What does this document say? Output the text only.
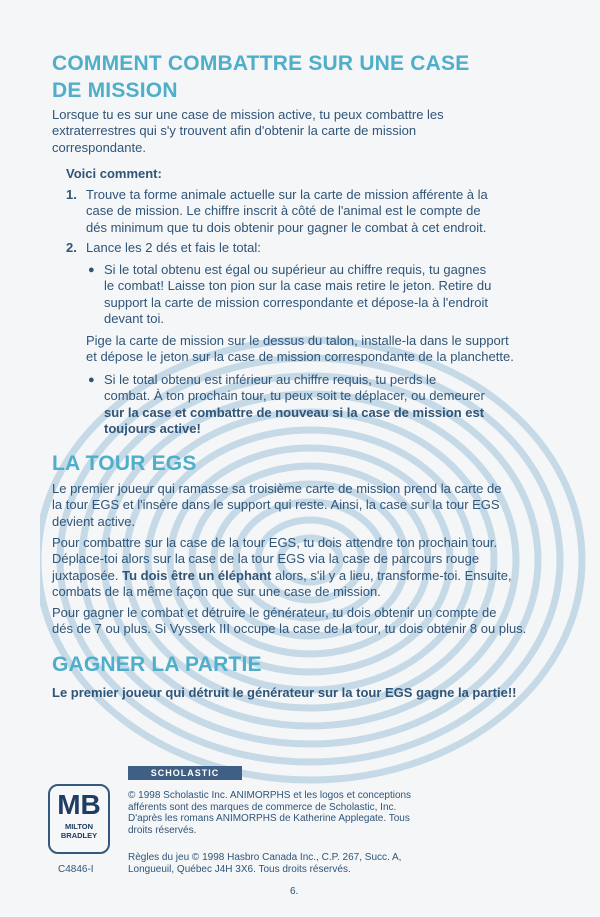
COMMENT COMBATTRE SUR UNE CASE
DE MISSION

Lorsque tu es sur une case de mission active, tu peux combattre les
extraterrestres qui s'y trouvent afin d'obtenir la carte de mission
correspondante.

Voici comment:

1. Trouve ta forme animale actuelle sur la carte de mission afférente à la
case de mission. Le chiffre inscrit à côté de l'animal est le compte de
dés minimum que tu dois obtenir pour gagner le combat à cet endroit.

2. Lance les 2 dés et fais le total:

● Si le total obtenu est égal ou supérieur au chiffre requis, tu gagnes
le combat! Laisse ton pion sur la case mais retire le jeton. Retire du
support la carte de mission correspondante et dépose-la à l'endroit
devant toi.

Pige la carte de mission sur le dessus du talon, installe-la dans le support
et dépose le jeton sur la case de mission correspondante de la planchette.

● Si le total obtenu est inférieur au chiffre requis, tu perds le
combat. À ton prochain tour, tu peux soit te déplacer, ou demeurer
sur la case et combattre de nouveau si la case de mission est
toujours active!

LA TOUR EGS

Le premier joueur qui ramasse sa troisième carte de mission prend la carte de
la tour EGS et l'insère dans le support qui reste. Ainsi, la case sur la tour EGS
devient active.

Pour combattre sur la case de la tour EGS, tu dois attendre ton prochain tour.
Déplace-toi alors sur la case de la tour EGS via la case de parcours rouge
juxtaposée. Tu dois être un éléphant alors, s'il y a lieu, transforme-toi. Ensuite,
combats de la même façon que sur une case de mission.

Pour gagner le combat et détruire le générateur, tu dois obtenir un compte de
dés de 7 ou plus. Si Vysserk III occupe la case de la tour, tu dois obtenir 8 ou plus.

GAGNER LA PARTIE

Le premier joueur qui détruit le générateur sur la tour EGS gagne la partie!!

SCHOLASTIC
MB
MILTON
BRADLEY
C4846-I

© 1998 Scholastic Inc. ANIMORPHS et les logos et conceptions
afférents sont des marques de commerce de Scholastic, Inc.
D'après les romans ANIMORPHS de Katherine Applegate. Tous
droits réservés.

Règles du jeu © 1998 Hasbro Canada Inc., C.P. 267, Succ. A,
Longueuil, Québec J4H 3X6. Tous droits réservés.

6.
